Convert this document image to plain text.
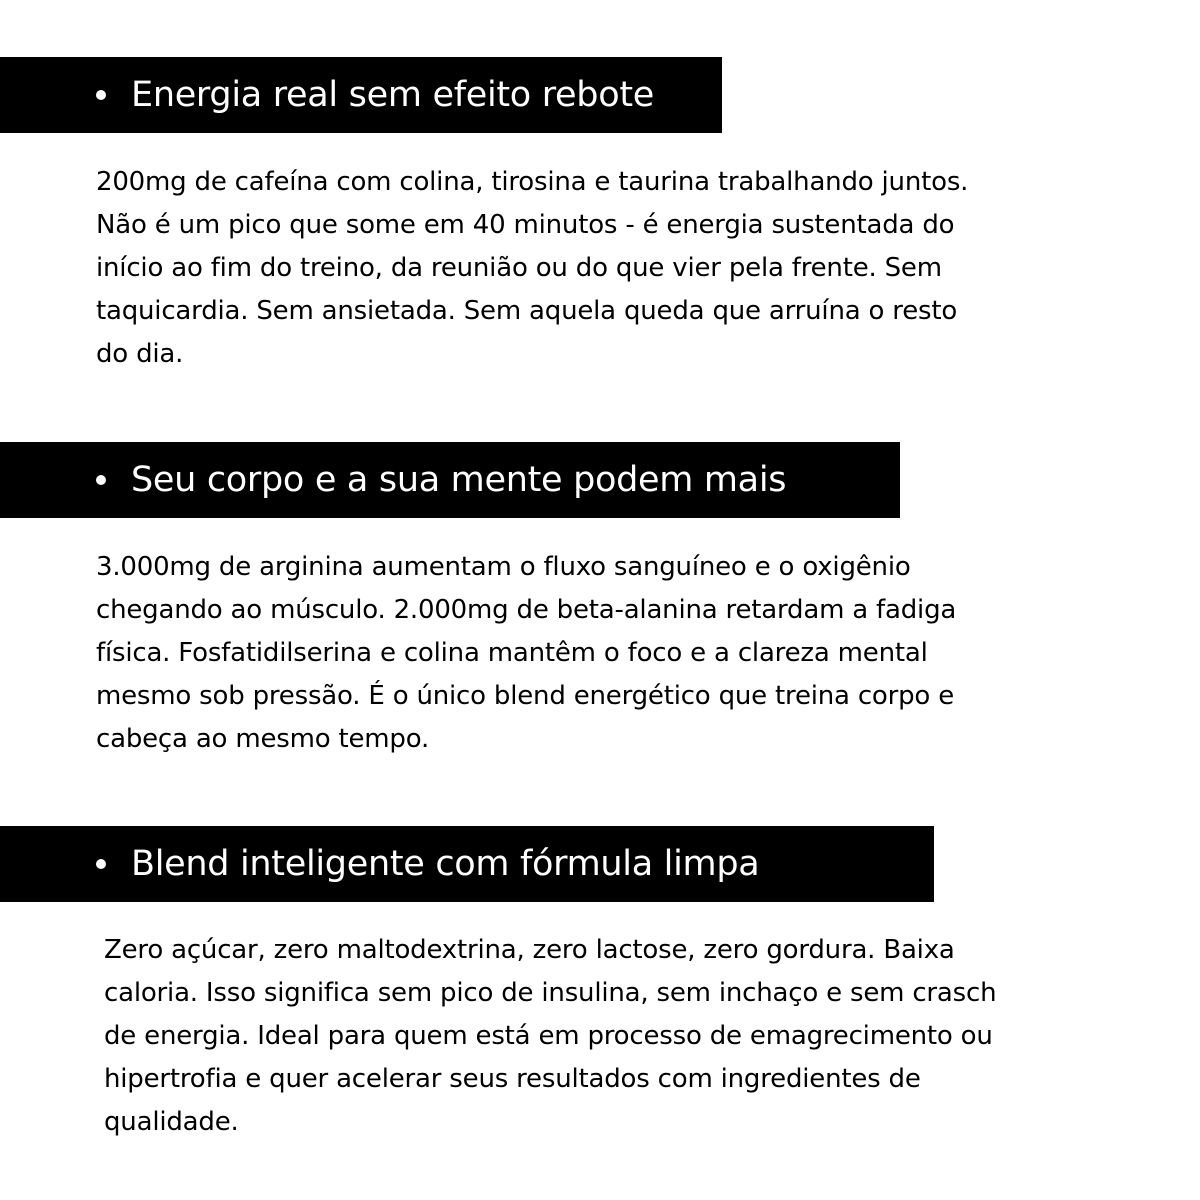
Energia real sem efeito rebote

200mg de cafeína com colina, tirosina e taurina trabalhando juntos.
Não é um pico que some em 40 minutos - é energia sustentada do
início ao fim do treino, da reunião ou do que vier pela frente. Sem
taquicardia. Sem ansietada. Sem aquela queda que arruína o resto
do dia.

Seu corpo e a sua mente podem mais

3.000mg de arginina aumentam o fluxo sanguíneo e o oxigênio
chegando ao músculo. 2.000mg de beta-alanina retardam a fadiga
física. Fosfatidilserina e colina mantêm o foco e a clareza mental
mesmo sob pressão. É o único blend energético que treina corpo e
cabeça ao mesmo tempo.

Blend inteligente com fórmula limpa

Zero açúcar, zero maltodextrina, zero lactose, zero gordura. Baixa
caloria. Isso significa sem pico de insulina, sem inchaço e sem crasch
de energia. Ideal para quem está em processo de emagrecimento ou
hipertrofia e quer acelerar seus resultados com ingredientes de
qualidade.
